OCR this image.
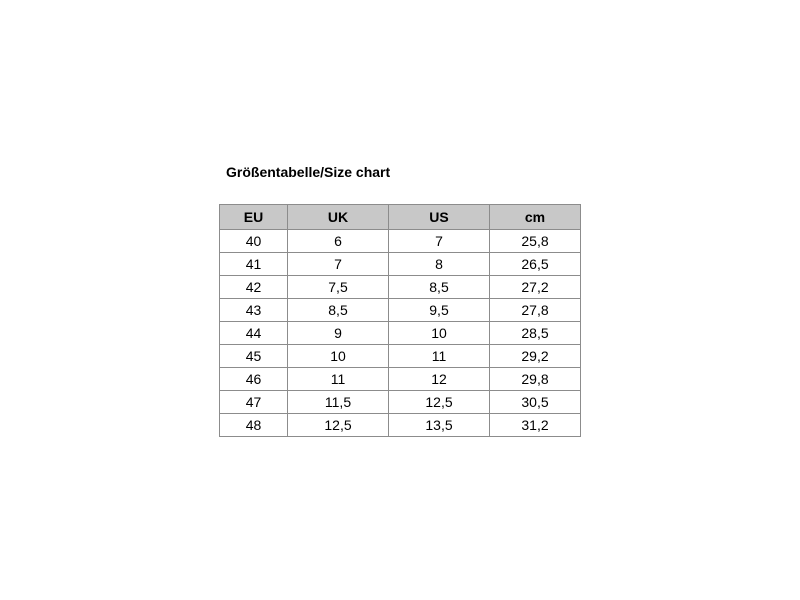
Größentabelle/Size chart
EU	UK	US	cm
40	6	7	25,8
41	7	8	26,5
42	7,5	8,5	27,2
43	8,5	9,5	27,8
44	9	10	28,5
45	10	11	29,2
46	11	12	29,8
47	11,5	12,5	30,5
48	12,5	13,5	31,2
